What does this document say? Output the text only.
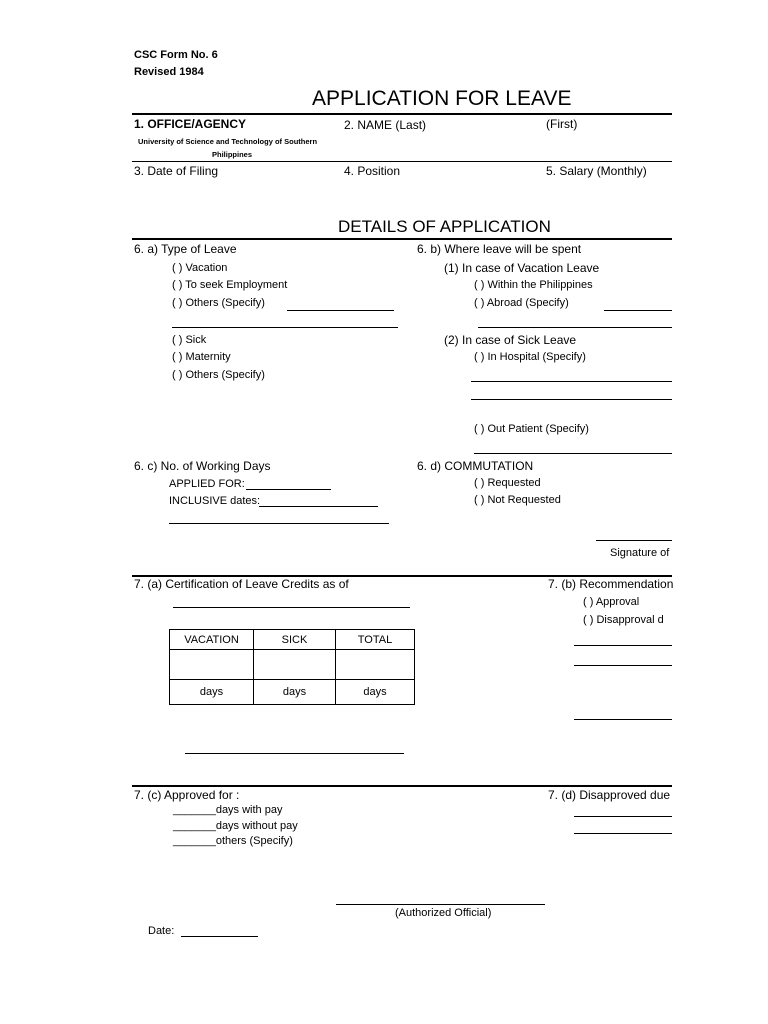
CSC Form No. 6
Revised 1984
APPLICATION FOR LEAVE
1. OFFICE/AGENCY
University of Science and Technology of Southern
Philippines
2. NAME (Last)	(First)
3. Date of Filing	4. Position	5. Salary (Monthly)
DETAILS OF APPLICATION
6. a) Type of Leave
( ) Vacation
( ) To seek Employment
( ) Others (Specify)
( ) Sick
( ) Maternity
( ) Others (Specify)
6. b) Where leave will be spent
(1) In case of Vacation Leave
( ) Within the Philippines
( ) Abroad (Specify)
(2) In case of Sick Leave
( ) In Hospital (Specify)
( ) Out Patient (Specify)
6. c) No. of Working Days
APPLIED FOR:
INCLUSIVE dates:
6. d) COMMUTATION
( ) Requested
( ) Not Requested
Signature of
7. (a) Certification of Leave Credits as of
VACATION	SICK	TOTAL

days	days	days
7. (b) Recommendation
( ) Approval
( ) Disapproval d
7. (c) Approved for :
_______days with pay
_______days without pay
_______others (Specify)
7. (d) Disapproved due
(Authorized Official)
Date:
